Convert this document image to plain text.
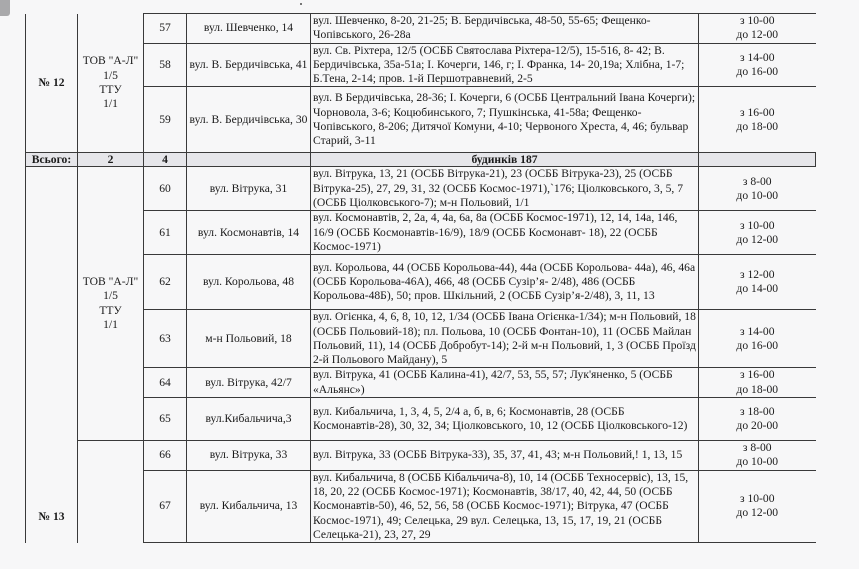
№ 12	ТОВ "А-Л"
1/5
ТТУ
1/1	57	вул. Шевченко, 14	вул. Шевченко, 8-20, 21-25; В. Бердичівська, 48-50, 55-65; Фещенко-Чопівського, 26-28а	з 10-00
до 12-00

		58	вул. В. Бердичівська, 41	вул. Св. Ріхтера, 12/5 (ОСББ Святослава Ріхтера-12/5), 15-516, 8- 42; В. Бердичівська, 35а-51а; І. Кочерги, 146, г; І. Франка, 14- 20,19а; Хлібна, 1-7; Б.Тена, 2-14; пров. 1-й Першотравневий, 2-5	з 14-00
до 16-00

		59	вул. В. Бердичівська, 30	вул. В Бердичівська, 28-36; І. Кочерги, 6 (ОСББ Центральний Івана Кочерги); Чорновола, 3-6; Коцюбинського, 7; Пушкінська, 41-58а; Фещенко-Чопівського, 8-206; Дитячої Комуни, 4-10; Червоного Хреста, 4, 46; бульвар Старий, 3-11	з 16-00
до 18-00

Всього:	2	4		будинків 187	
№ 13	ТОВ "А-Л"
1/5
ТТУ
1/1	60	вул. Вітрука, 31	вул. Вітрука, 13, 21 (ОСББ Вітрука-21), 23 (ОСББ Вітрука-23), 25 (ОСББ Вітрука-25), 27, 29, 31, 32 (ОСББ Космос-1971),`176; Ціолковського, 3, 5, 7 (ОСББ Ціолковського-7); м-н Польовий, 1/1	з 8-00
до 10-00

		61	вул. Космонавтів, 14	вул. Космонавтів, 2, 2а, 4, 4а, 6а, 8а (ОСББ Космос-1971), 12, 14, 14а, 146, 16/9 (ОСББ Космонавтів-16/9), 18/9 (ОСББ Космонавт- 18), 22 (ОСББ Космос-1971)	з 10-00
до 12-00

		62	вул. Корольова, 48	вул. Корольова, 44 (ОСББ Корольова-44), 44а (ОСББ Корольова- 44а), 46, 46а (ОСББ Корольова-46А), 466, 48 (ОСББ Сузір’я- 2/48), 486 (ОСББ Корольова-48Б), 50; пров. Шкільний, 2 (ОСББ Сузір’я-2/48), 3, 11, 13	з 12-00
до 14-00

		63	м-н Польовий, 18	вул. Огієнка, 4, 6, 8, 10, 12, 1/34 (ОСББ Івана Огієнка-1/34); м-н Польовий, 18 (ОСББ Польовий-18); пл. Польова, 10 (ОСББ Фонтан-10), 11 (ОСББ Майлан Польовий, 11), 14 (ОСББ Добробут-14); 2-й м-н Польовий, 1, 3 (ОСББ Проїзд 2-й Польового Майдану), 5	з 14-00
до 16-00

		64	вул. Вітрука, 42/7	вул. Вітрука, 41 (ОСББ Калина-41), 42/7, 53, 55, 57; Лук'яненко, 5 (ОСББ «Альянс»)	з 16-00
до 18-00

		65	вул.Кибальчича,3	вул. Кибальчича, 1, 3, 4, 5, 2/4 а, б, в, 6; Космонавтів, 28 (ОСББ Космонавтів-28), 30, 32, 34; Ціолковського, 10, 12 (ОСББ Ціолковського-12)	з 18-00
до 20-00

		66	вул. Вітрука, 33	вул. Вітрука, 33 (ОСББ Вітрука-33), 35, 37, 41, 43; м-н Польовий,! 1, 13, 15	з 8-00
до 10-00

		67	вул. Кибальчича, 13	вул. Кибальчича, 8 (ОСББ Кібальчича-8), 10, 14 (ОСББ Техносервіс), 13, 15, 18, 20, 22 (ОСББ Космос-1971); Космонавтів, 38/17, 40, 42, 44, 50 (ОСББ Космонавтів-50), 46, 52, 56, 58 (ОСББ Космос-1971); Вітрука, 47 (ОСББ Космос-1971), 49; Селецька, 29 вул. Селецька, 13, 15, 17, 19, 21 (ОСББ Селецька-21), 23, 27, 29	з 10-00
до 12-00
